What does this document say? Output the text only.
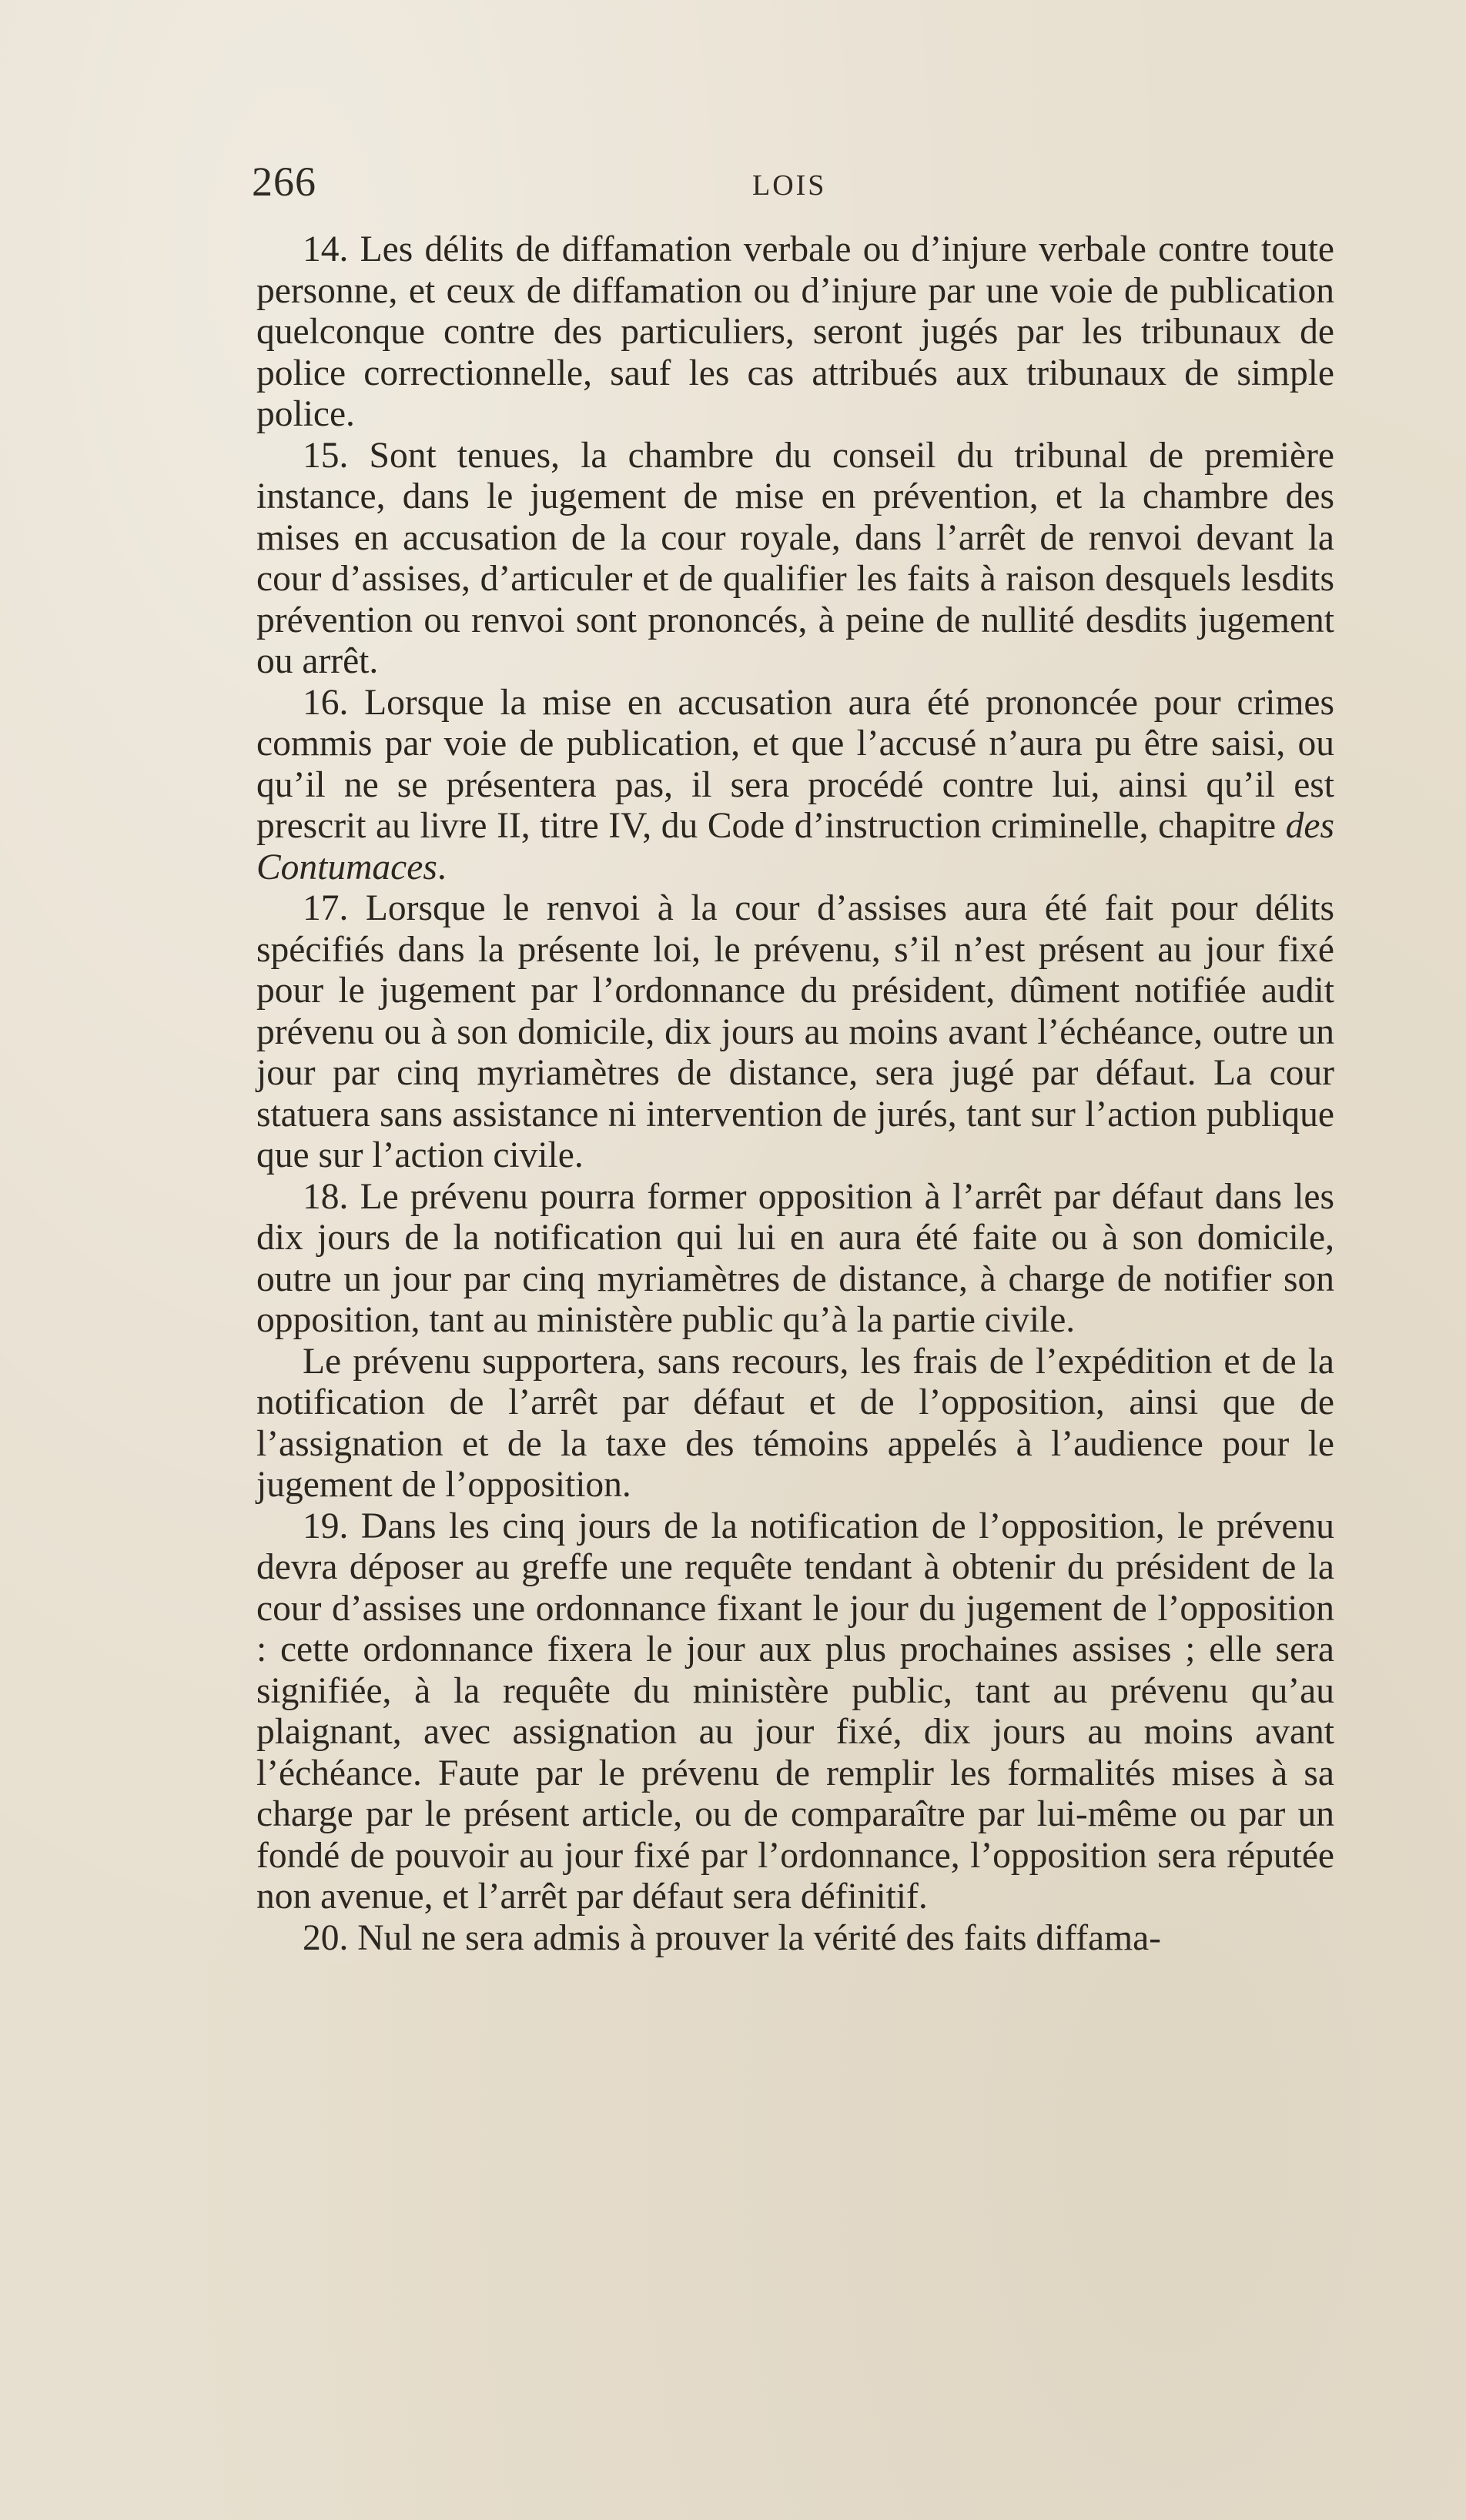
266	LOIS

14. Les délits de diffamation verbale ou d’injure verbale contre toute personne, et ceux de diffamation ou d’injure par une voie de publication quelconque contre des particuliers, seront jugés par les tribunaux de police correctionnelle, sauf les cas attribués aux tribunaux de simple police.

15. Sont tenues, la chambre du conseil du tribunal de première instance, dans le jugement de mise en prévention, et la chambre des mises en accusation de la cour royale, dans l’arrêt de renvoi devant la cour d’assises, d’articuler et de qualifier les faits à raison desquels lesdits prévention ou renvoi sont prononcés, à peine de nullité desdits jugement ou arrêt.

16. Lorsque la mise en accusation aura été prononcée pour crimes commis par voie de publication, et que l’accusé n’aura pu être saisi, ou qu’il ne se présentera pas, il sera procédé contre lui, ainsi qu’il est prescrit au livre II, titre IV, du Code d’instruction criminelle, chapitre des Contumaces.

17. Lorsque le renvoi à la cour d’assises aura été fait pour délits spécifiés dans la présente loi, le prévenu, s’il n’est présent au jour fixé pour le jugement par l’ordonnance du président, dûment notifiée audit prévenu ou à son domicile, dix jours au moins avant l’échéance, outre un jour par cinq myriamètres de distance, sera jugé par défaut. La cour statuera sans assistance ni intervention de jurés, tant sur l’action publique que sur l’action civile.

18. Le prévenu pourra former opposition à l’arrêt par défaut dans les dix jours de la notification qui lui en aura été faite ou à son domicile, outre un jour par cinq myriamètres de distance, à charge de notifier son opposition, tant au ministère public qu’à la partie civile.

Le prévenu supportera, sans recours, les frais de l’expédition et de la notification de l’arrêt par défaut et de l’opposition, ainsi que de l’assignation et de la taxe des témoins appelés à l’audience pour le jugement de l’opposition.

19. Dans les cinq jours de la notification de l’opposition, le prévenu devra déposer au greffe une requête tendant à obtenir du président de la cour d’assises une ordonnance fixant le jour du jugement de l’opposition : cette ordonnance fixera le jour aux plus prochaines assises ; elle sera signifiée, à la requête du ministère public, tant au prévenu qu’au plaignant, avec assignation au jour fixé, dix jours au moins avant l’échéance. Faute par le prévenu de remplir les formalités mises à sa charge par le présent article, ou de comparaître par lui-même ou par un fondé de pouvoir au jour fixé par l’ordonnance, l’opposition sera réputée non avenue, et l’arrêt par défaut sera définitif.

20. Nul ne sera admis à prouver la vérité des faits diffama-
